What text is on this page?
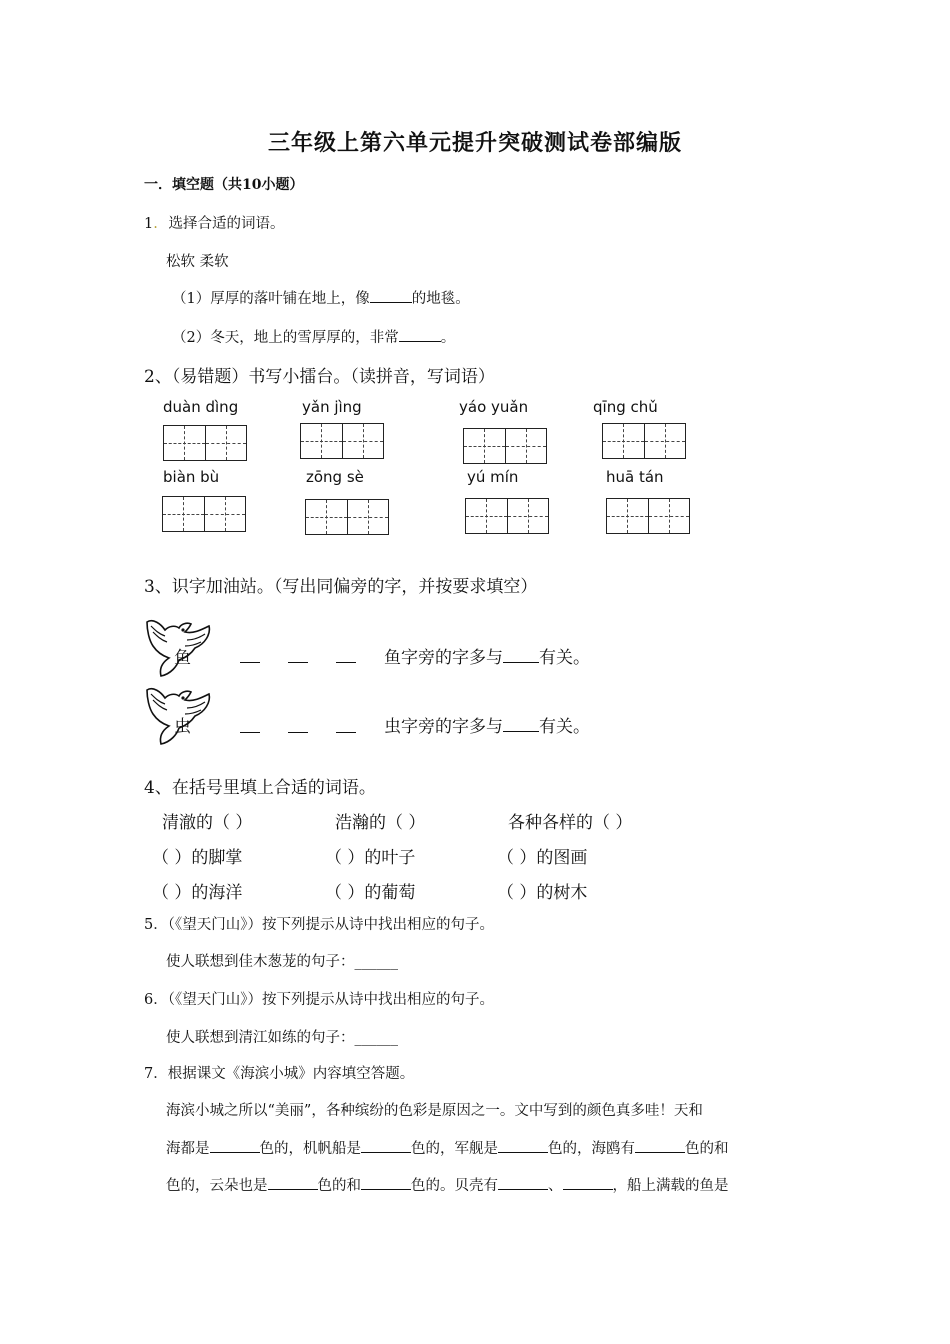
三年级上第六单元提升突破测试卷部编版
一．填空题（共10小题）
1. 选择合适的词语。
松软 柔软
（1）厚厚的落叶铺在地上，像	的地毯。
（2）冬天，地上的雪厚厚的，非常	。
2、（易错题）书写小擂台。（读拼音，写词语）
duàn dìng	yǎn jìng	yáo yuǎn	qīng chǔ
biàn bù	zōng sè	yú mín	huā tán
3、识字加油站。（写出同偏旁的字，并按要求填空）
鱼	鱼字旁的字多与 有关。
虫	虫字旁的字多与 有关。
4、在括号里填上合适的词语。
清澈的（ ）	浩瀚的（ ）	各种各样的（ ）
（ ）的脚掌	（ ）的叶子	（ ）的图画
（ ）的海洋	（ ）的葡萄	（ ）的树木
5．（《望天门山》）按下列提示从诗中找出相应的句子。
使人联想到佳木葱茏的句子：______
6．（《望天门山》）按下列提示从诗中找出相应的句子。
使人联想到清江如练的句子：______
7．根据课文《海滨小城》内容填空答题。
海滨小城之所以“美丽”，各种缤纷的色彩是原因之一。文中写到的颜色真多哇！天和
海都是	色的，机帆船是	色的，军舰是	色的，海鸥有	色的和
色的，云朵也是	色的和	色的。贝壳有	、	，船上满载的鱼是
